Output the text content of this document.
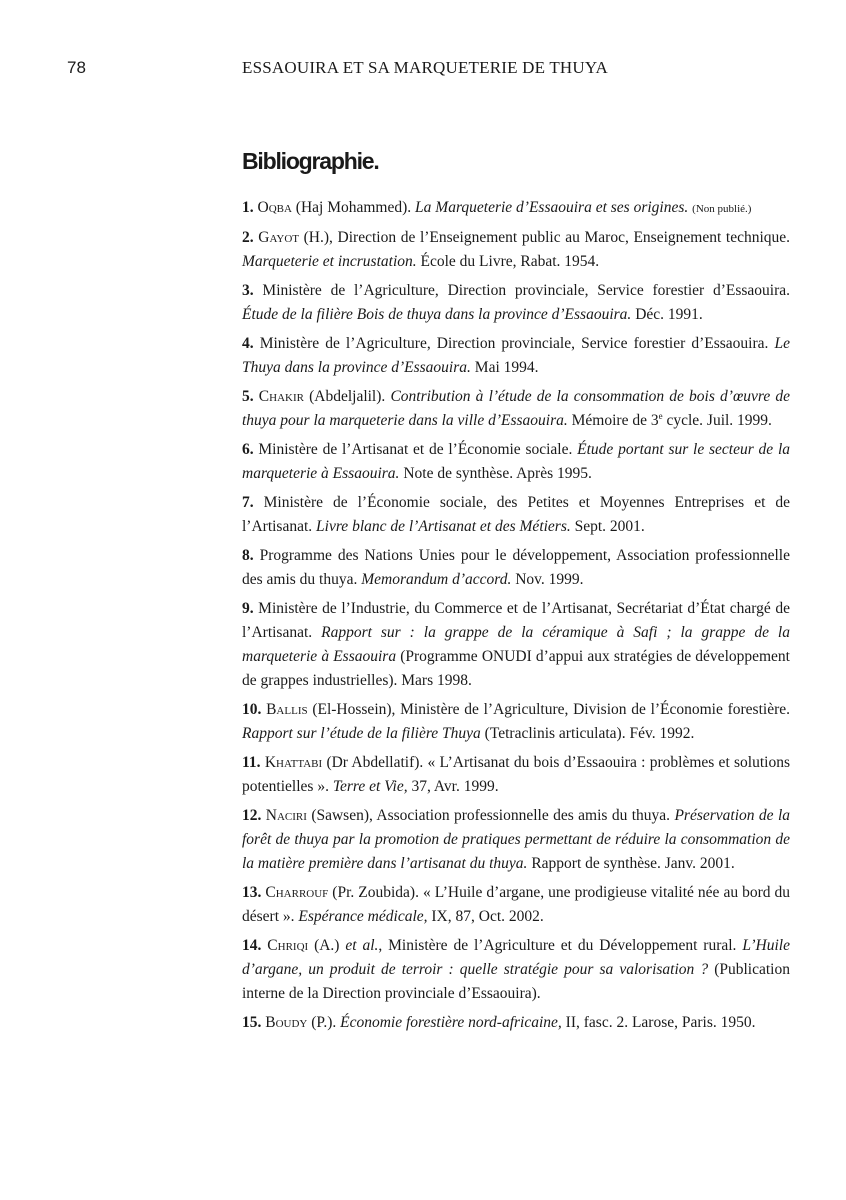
78	ESSAOUIRA ET SA MARQUETERIE DE THUYA
Bibliographie.
1. Oqba (Haj Mohammed). La Marqueterie d’Essaouira et ses origines. (Non publié.)
2. Gayot (H.), Direction de l’Enseignement public au Maroc, Enseignement technique. Marqueterie et incrustation. École du Livre, Rabat. 1954.
3. Ministère de l’Agriculture, Direction provinciale, Service forestier d’Essaouira. Étude de la filière Bois de thuya dans la province d’Essaouira. Déc. 1991.
4. Ministère de l’Agriculture, Direction provinciale, Service forestier d’Essaouira. Le Thuya dans la province d’Essaouira. Mai 1994.
5. Chakir (Abdeljalil). Contribution à l’étude de la consommation de bois d’œuvre de thuya pour la marqueterie dans la ville d’Essaouira. Mémoire de 3e cycle. Juil. 1999.
6. Ministère de l’Artisanat et de l’Économie sociale. Étude portant sur le secteur de la marqueterie à Essaouira. Note de synthèse. Après 1995.
7. Ministère de l’Économie sociale, des Petites et Moyennes Entreprises et de l’Artisanat. Livre blanc de l’Artisanat et des Métiers. Sept. 2001.
8. Programme des Nations Unies pour le développement, Association professionnelle des amis du thuya. Memorandum d’accord. Nov. 1999.
9. Ministère de l’Industrie, du Commerce et de l’Artisanat, Secrétariat d’État chargé de l’Artisanat. Rapport sur : la grappe de la céramique à Safi ; la grappe de la marqueterie à Essaouira (Programme ONUDI d’appui aux stratégies de développement de grappes industrielles). Mars 1998.
10. Ballis (El-Hossein), Ministère de l’Agriculture, Division de l’Économie forestière. Rapport sur l’étude de la filière Thuya (Tetraclinis articulata). Fév. 1992.
11. Khattabi (Dr Abdellatif). « L’Artisanat du bois d’Essaouira : problèmes et solutions potentielles ». Terre et Vie, 37, Avr. 1999.
12. Naciri (Sawsen), Association professionnelle des amis du thuya. Préservation de la forêt de thuya par la promotion de pratiques permettant de réduire la consommation de la matière première dans l’artisanat du thuya. Rapport de synthèse. Janv. 2001.
13. Charrouf (Pr. Zoubida). « L’Huile d’argane, une prodigieuse vitalité née au bord du désert ». Espérance médicale, IX, 87, Oct. 2002.
14. Chriqi (A.) et al., Ministère de l’Agriculture et du Développement rural. L’Huile d’argane, un produit de terroir : quelle stratégie pour sa valorisation ? (Publication interne de la Direction provinciale d’Essaouira).
15. Boudy (P.). Économie forestière nord-africaine, II, fasc. 2. Larose, Paris. 1950.
